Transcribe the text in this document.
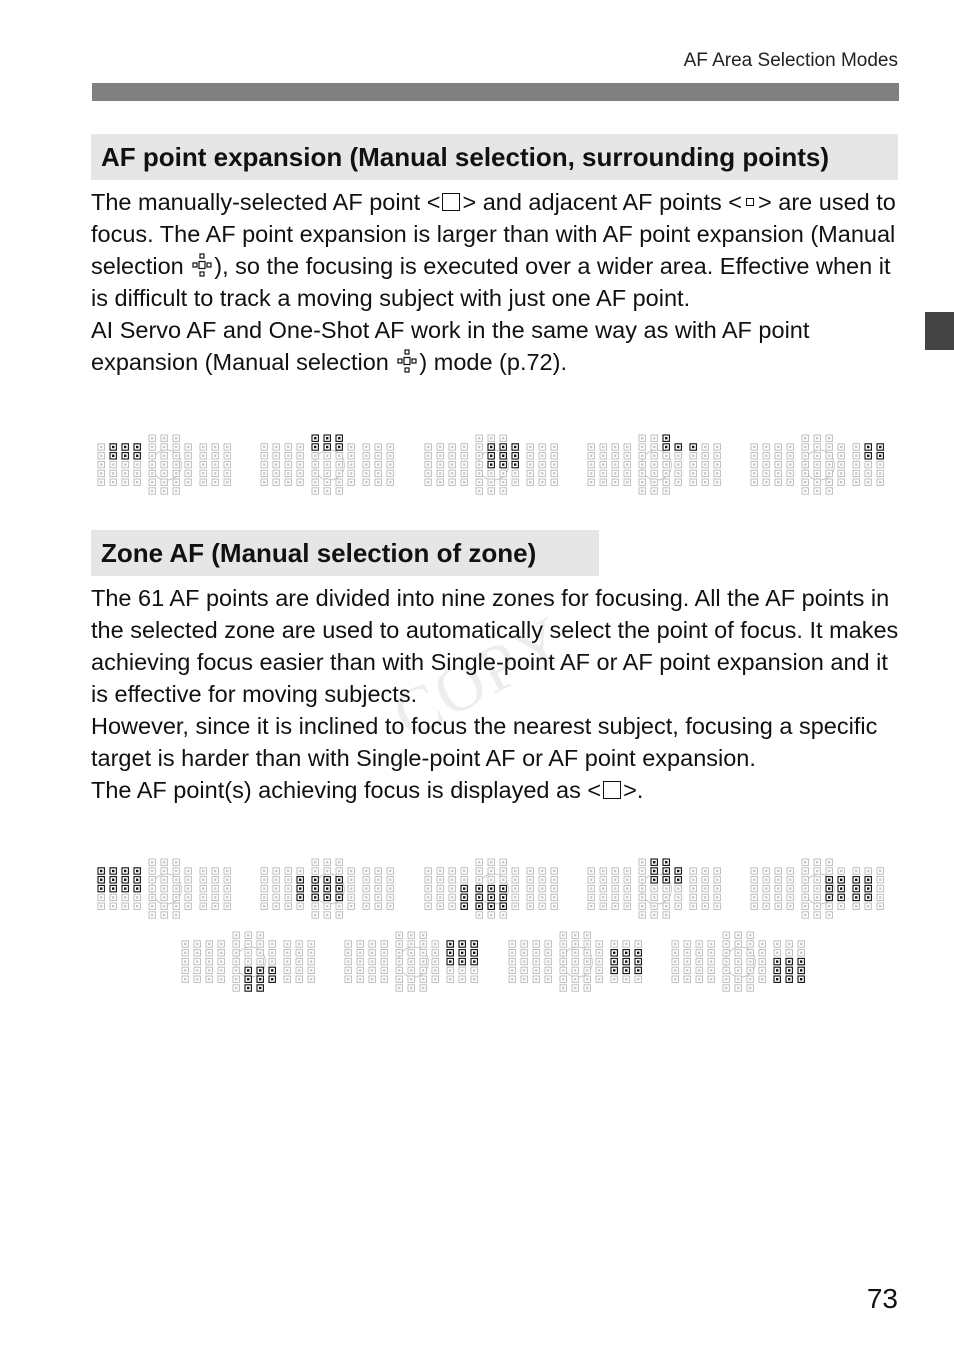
AF Area Selection Modes
AF point expansion (Manual selection, surrounding points)

The manually-selected AF point < > and adjacent AF points < > are used to focus. The AF point expansion is larger than with AF point expansion (Manual selection ), so the focusing is executed over a wider area. Effective when it is difficult to track a moving subject with just one AF point.
AI Servo AF and One-Shot AF work in the same way as with AF point expansion (Manual selection ) mode (p.72).

Zone AF (Manual selection of zone)

The 61 AF points are divided into nine zones for focusing. All the AF points in the selected zone are used to automatically select the point of focus. It makes achieving focus easier than with Single-point AF or AF point expansion and it is effective for moving subjects.
However, since it is inclined to focus the nearest subject, focusing a specific target is harder than with Single-point AF or AF point expansion.
The AF point(s) achieving focus is displayed as < >.

COPY
73
